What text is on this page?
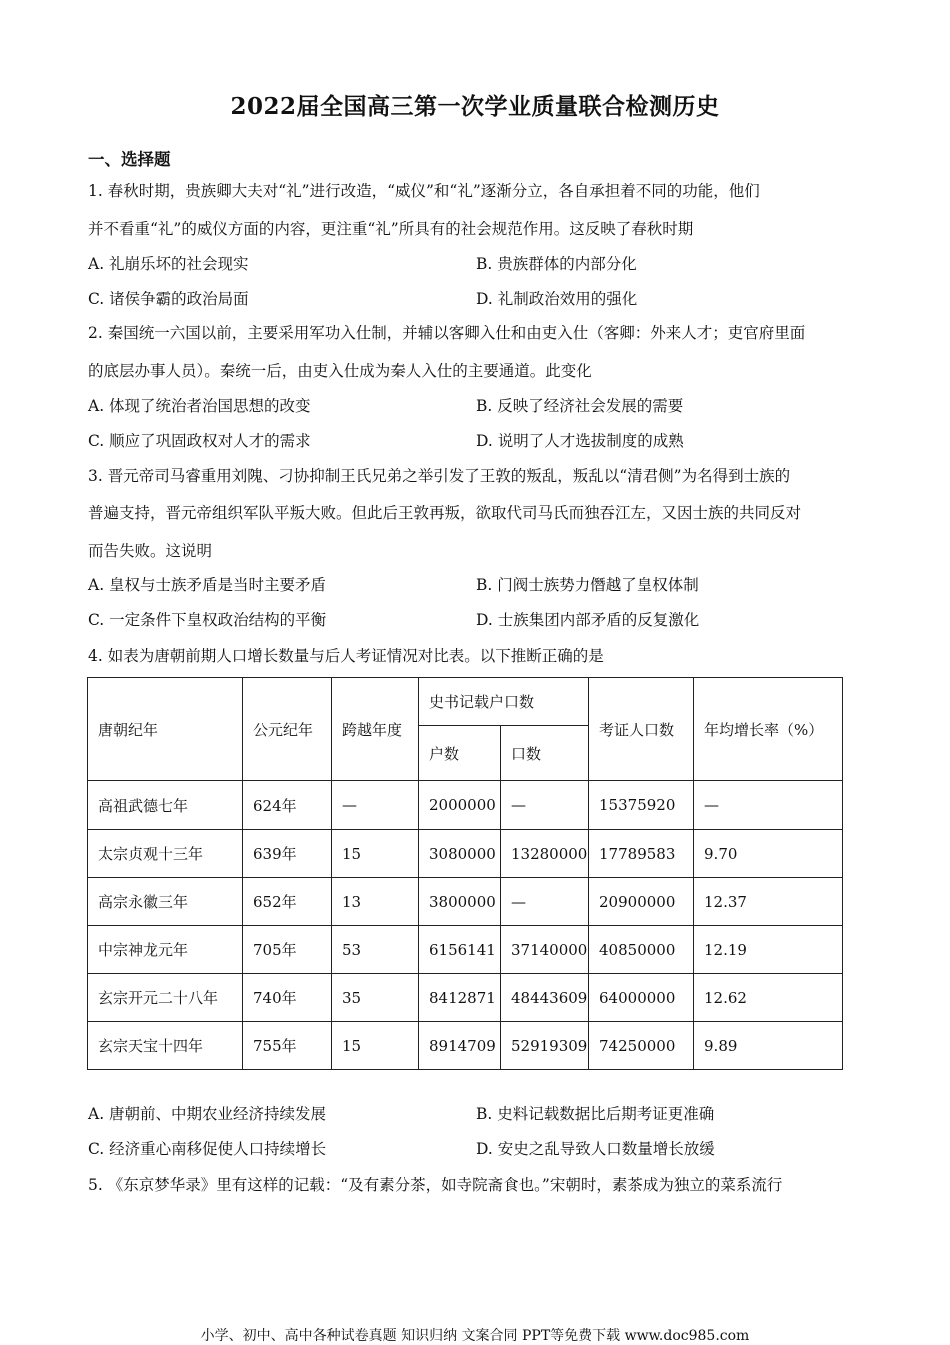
2022届全国高三第一次学业质量联合检测历史
一、选择题
1. 春秋时期，贵族卿大夫对“礼”进行改造，“威仪”和“礼”逐渐分立，各自承担着不同的功能，他们
并不看重“礼”的威仪方面的内容，更注重“礼”所具有的社会规范作用。这反映了春秋时期
A. 礼崩乐坏的社会现实	B. 贵族群体的内部分化
C. 诸侯争霸的政治局面	D. 礼制政治效用的强化
2. 秦国统一六国以前，主要采用军功入仕制，并辅以客卿入仕和由吏入仕（客卿：外来人才；吏官府里面
的底层办事人员）。秦统一后，由吏入仕成为秦人入仕的主要通道。此变化
A. 体现了统治者治国思想的改变	B. 反映了经济社会发展的需要
C. 顺应了巩固政权对人才的需求	D. 说明了人才选拔制度的成熟
3. 晋元帝司马睿重用刘隗、刁协抑制王氏兄弟之举引发了王敦的叛乱，叛乱以“清君侧”为名得到士族的
普遍支持，晋元帝组织军队平叛大败。但此后王敦再叛，欲取代司马氏而独吞江左，又因士族的共同反对
而告失败。这说明
A. 皇权与士族矛盾是当时主要矛盾	B. 门阀士族势力僭越了皇权体制
C. 一定条件下皇权政治结构的平衡	D. 士族集团内部矛盾的反复激化
4. 如表为唐朝前期人口增长数量与后人考证情况对比表。以下推断正确的是
唐朝纪年	公元纪年	跨越年度	史书记载户口数		考证人口数	年均增长率（%）
			户数	口数		
高祖武德七年	624年	—	2000000	—	15375920	—
太宗贞观十三年	639年	15	3080000	13280000	17789583	9.70
高宗永徽三年	652年	13	3800000	—	20900000	12.37
中宗神龙元年	705年	53	6156141	37140000	40850000	12.19
玄宗开元二十八年	740年	35	8412871	48443609	64000000	12.62
玄宗天宝十四年	755年	15	8914709	52919309	74250000	9.89
A. 唐朝前、中期农业经济持续发展	B. 史料记载数据比后期考证更准确
C. 经济重心南移促使人口持续增长	D. 安史之乱导致人口数量增长放缓
5. 《东京梦华录》里有这样的记载：“及有素分茶，如寺院斋食也。”宋朝时，素茶成为独立的菜系流行
小学、初中、高中各种试卷真题 知识归纳 文案合同 PPT等免费下载 www.doc985.com
